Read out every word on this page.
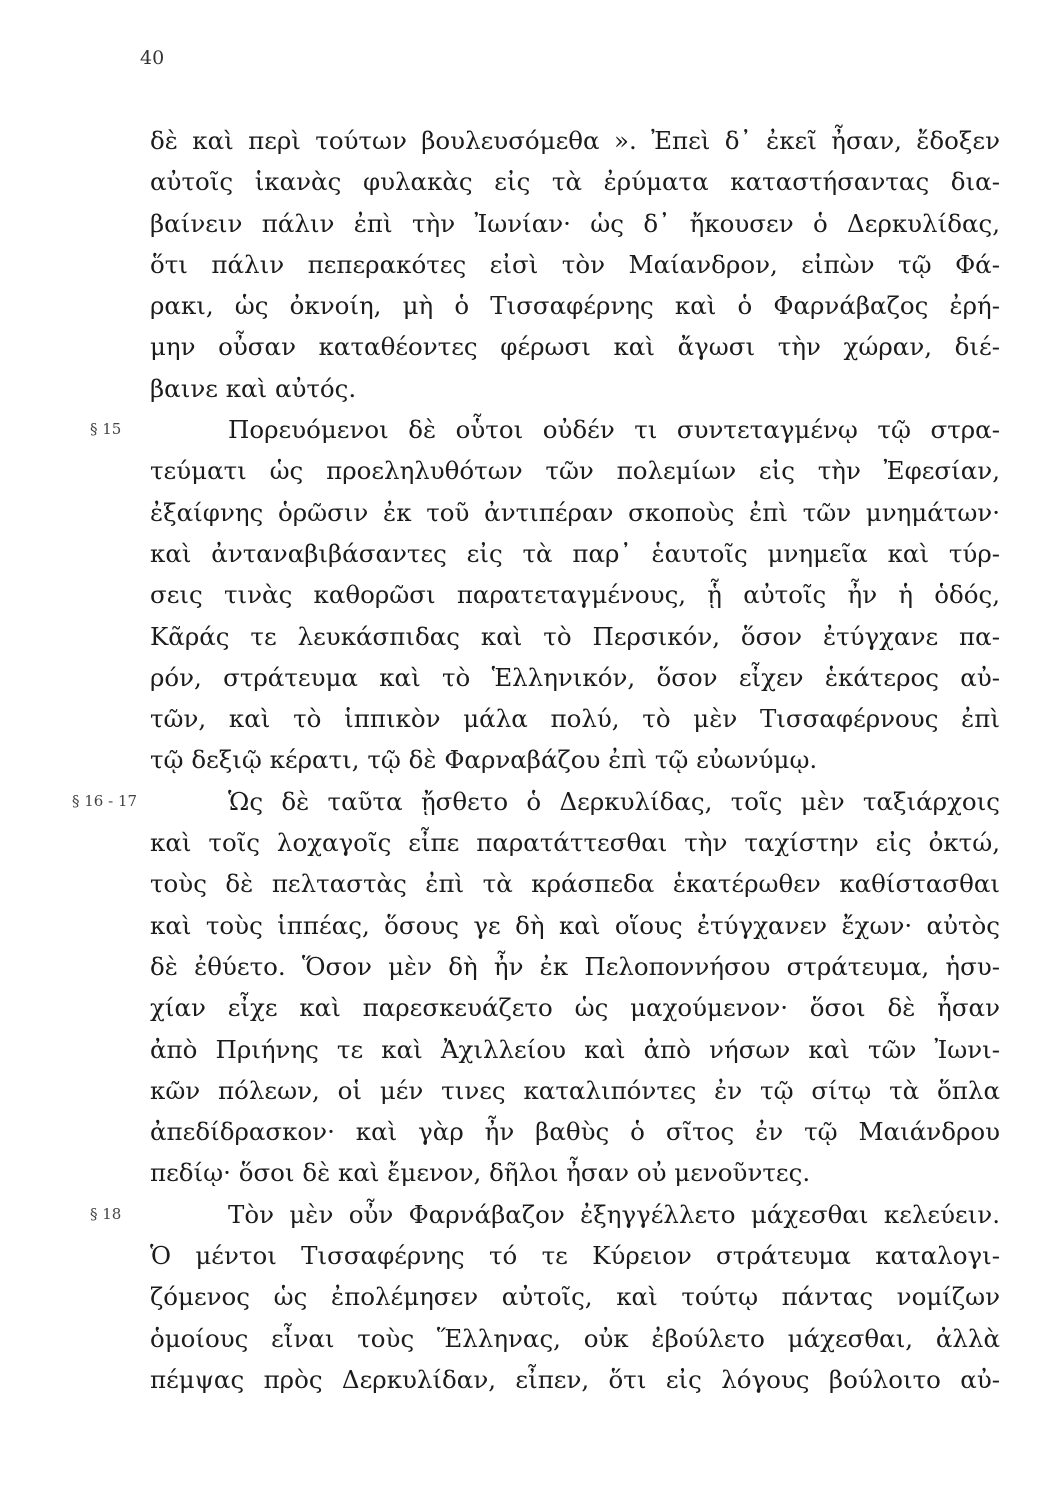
40
δὲ καὶ περὶ τούτων βουλευσόμεθα ». Ἐπεὶ δ᾽ ἐκεῖ ἦσαν, ἔδοξεν
αὐτοῖς ἱκανὰς φυλακὰς εἰς τὰ ἐρύματα καταστήσαντας δια-
βαίνειν πάλιν ἐπὶ τὴν Ἰωνίαν· ὡς δ᾽ ἤκουσεν ὁ Δερκυλίδας,
ὅτι πάλιν πεπερακότες εἰσὶ τὸν Μαίανδρον, εἰπὼν τῷ Φά-
ρακι, ὡς ὀκνοίη, μὴ ὁ Τισσαφέρνης καὶ ὁ Φαρνάβαζος ἐρή-
μην οὖσαν καταθέοντες φέρωσι καὶ ἄγωσι τὴν χώραν, διέ-
βαινε καὶ αὐτός.
§ 15	Πορευόμενοι δὲ οὗτοι οὐδέν τι συντεταγμένῳ τῷ στρα-
τεύματι ὡς προεληλυθότων τῶν πολεμίων εἰς τὴν Ἐφεσίαν,
ἐξαίφνης ὁρῶσιν ἐκ τοῦ ἀντιπέραν σκοποὺς ἐπὶ τῶν μνημάτων·
καὶ ἀνταναβιβάσαντες εἰς τὰ παρ᾽ ἑαυτοῖς μνημεῖα καὶ τύρ-
σεις τινὰς καθορῶσι παρατεταγμένους, ᾗ αὐτοῖς ἦν ἡ ὁδός,
Κᾶράς τε λευκάσπιδας καὶ τὸ Περσικόν, ὅσον ἐτύγχανε πα-
ρόν, στράτευμα καὶ τὸ Ἑλληνικόν, ὅσον εἶχεν ἑκάτερος αὐ-
τῶν, καὶ τὸ ἱππικὸν μάλα πολύ, τὸ μὲν Τισσαφέρνους ἐπὶ
τῷ δεξιῷ κέρατι, τῷ δὲ Φαρναβάζου ἐπὶ τῷ εὐωνύμῳ.
§ 16 - 17	Ὡς δὲ ταῦτα ᾔσθετο ὁ Δερκυλίδας, τοῖς μὲν ταξιάρχοις
καὶ τοῖς λοχαγοῖς εἶπε παρατάττεσθαι τὴν ταχίστην εἰς ὀκτώ,
τοὺς δὲ πελταστὰς ἐπὶ τὰ κράσπεδα ἑκατέρωθεν καθίστασθαι
καὶ τοὺς ἱππέας, ὅσους γε δὴ καὶ οἵους ἐτύγχανεν ἔχων· αὐτὸς
δὲ ἐθύετο. Ὅσον μὲν δὴ ἦν ἐκ Πελοποννήσου στράτευμα, ἡσυ-
χίαν εἶχε καὶ παρεσκευάζετο ὡς μαχούμενον· ὅσοι δὲ ἦσαν
ἀπὸ Πριήνης τε καὶ Ἀχιλλείου καὶ ἀπὸ νήσων καὶ τῶν Ἰωνι-
κῶν πόλεων, οἱ μέν τινες καταλιπόντες ἐν τῷ σίτῳ τὰ ὅπλα
ἀπεδίδρασκον· καὶ γὰρ ἦν βαθὺς ὁ σῖτος ἐν τῷ Μαιάνδρου
πεδίῳ· ὅσοι δὲ καὶ ἔμενον, δῆλοι ἦσαν οὐ μενοῦντες.
§ 18	Τὸν μὲν οὖν Φαρνάβαζον ἐξηγγέλλετο μάχεσθαι κελεύειν.
Ὁ μέντοι Τισσαφέρνης τό τε Κύρειον στράτευμα καταλογι-
ζόμενος ὡς ἐπολέμησεν αὐτοῖς, καὶ τούτῳ πάντας νομίζων
ὁμοίους εἶναι τοὺς Ἕλληνας, οὐκ ἐβούλετο μάχεσθαι, ἀλλὰ
πέμψας πρὸς Δερκυλίδαν, εἶπεν, ὅτι εἰς λόγους βούλοιτο αὐ-
